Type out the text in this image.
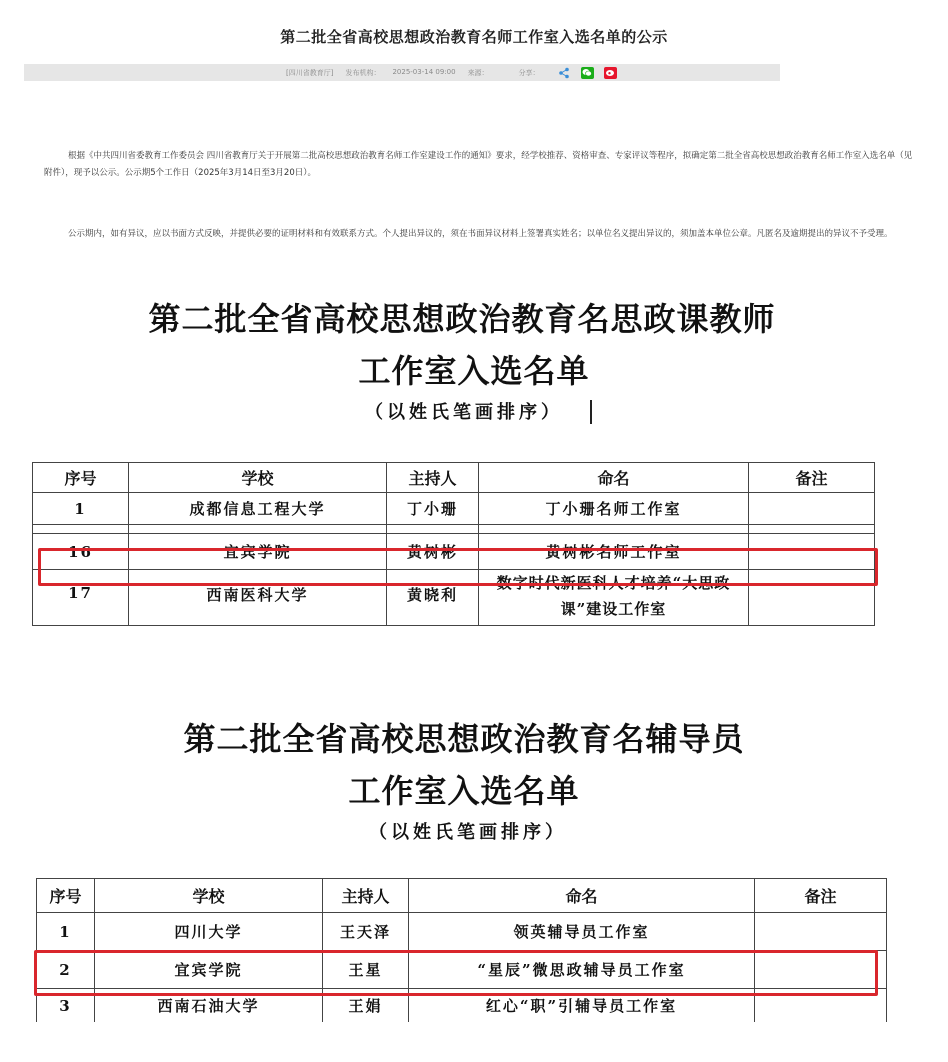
第二批全省高校思想政治教育名师工作室入选名单的公示
[四川省教育厅] 发布机构： 2025-03-14 09:00 来源：	分享：
根据《中共四川省委教育工作委员会 四川省教育厅关于开展第二批高校思想政治教育名师工作室建设工作的通知》要求，经学校推荐、资格审查、专家评议等程序，拟确定第二批全省高校思想政治教育名师工作室入选名单（见附件），现予以公示。公示期5个工作日（2025年3月14日至3月20日）。
公示期内，如有异议，应以书面方式反映，并提供必要的证明材料和有效联系方式。个人提出异议的，须在书面异议材料上签署真实姓名；以单位名义提出异议的，须加盖本单位公章。凡匿名及逾期提出的异议不予受理。
第二批全省高校思想政治教育名思政课教师
工作室入选名单
（以姓氏笔画排序）
序号	学校	主持人	命名	备注
1	成都信息工程大学	丁小珊	丁小珊名师工作室	

16	宜宾学院	黄树彬	黄树彬名师工作室	
17	西南医科大学	黄晓利	数字时代新医科人才培养“大思政课”建设工作室	
第二批全省高校思想政治教育名辅导员
工作室入选名单
（以姓氏笔画排序）
序号	学校	主持人	命名	备注
1	四川大学	王天泽	领英辅导员工作室	
2	宜宾学院	王星	“星辰”微思政辅导员工作室	
3	西南石油大学	王娟	红心“职”引辅导员工作室	
